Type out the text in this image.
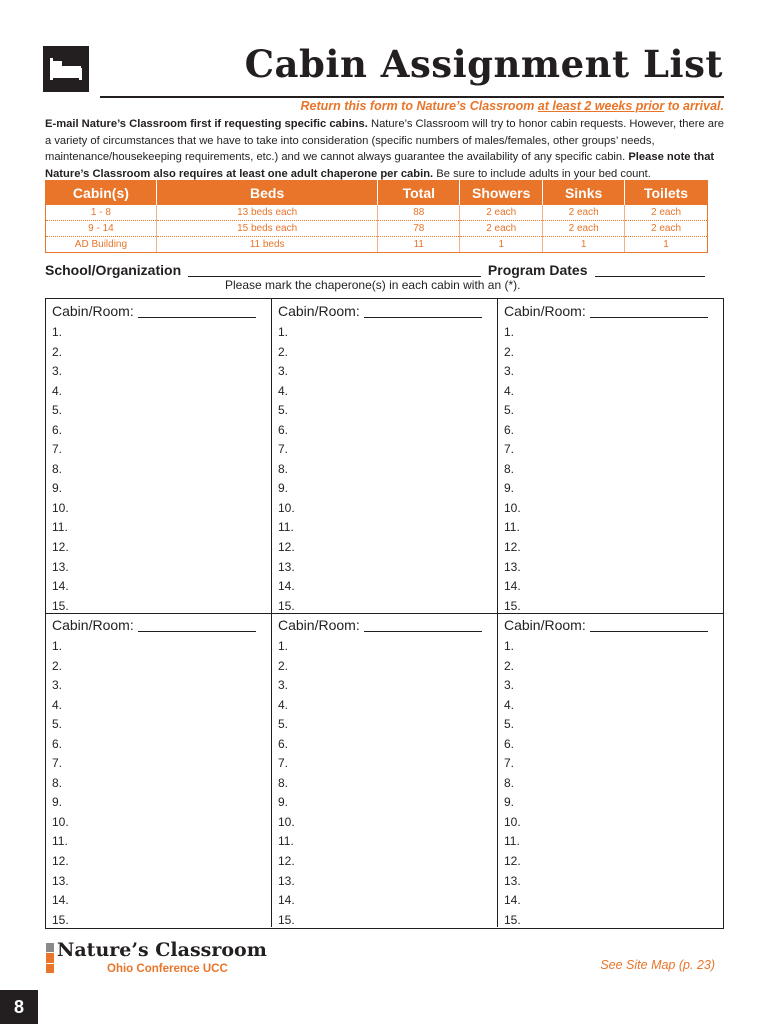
Cabin Assignment List
Return this form to Nature’s Classroom at least 2 weeks prior to arrival.
E-mail Nature’s Classroom first if requesting specific cabins. Nature’s Classroom will try to honor cabin requests. However, there are a variety of circumstances that we have to take into consideration (specific numbers of males/females, other groups’ needs, maintenance/housekeeping requirements, etc.) and we cannot always guarantee the availability of any specific cabin. Please note that Nature’s Classroom also requires at least one adult chaperone per cabin. Be sure to include adults in your bed count.
Cabin(s)	Beds	Total	Showers	Sinks	Toilets
1 - 8	13 beds each	88	2 each	2 each	2 each
9 - 14	15 beds each	78	2 each	2 each	2 each
AD Building	11 beds	11	1	1	1
School/Organization	Program Dates
Please mark the chaperone(s) in each cabin with an (*).
Cabin/Room:
1.
2.
3.
4.
5.
6.
7.
8.
9.
10.
11.
12.
13.
14.
15.
Cabin/Room:
1.
2.
3.
4.
5.
6.
7.
8.
9.
10.
11.
12.
13.
14.
15.
Cabin/Room:
1.
2.
3.
4.
5.
6.
7.
8.
9.
10.
11.
12.
13.
14.
15.
Cabin/Room:
1.
2.
3.
4.
5.
6.
7.
8.
9.
10.
11.
12.
13.
14.
15.
Cabin/Room:
1.
2.
3.
4.
5.
6.
7.
8.
9.
10.
11.
12.
13.
14.
15.
Cabin/Room:
1.
2.
3.
4.
5.
6.
7.
8.
9.
10.
11.
12.
13.
14.
15.
Nature’s Classroom
Ohio Conference UCC	See Site Map (p. 23)
8
